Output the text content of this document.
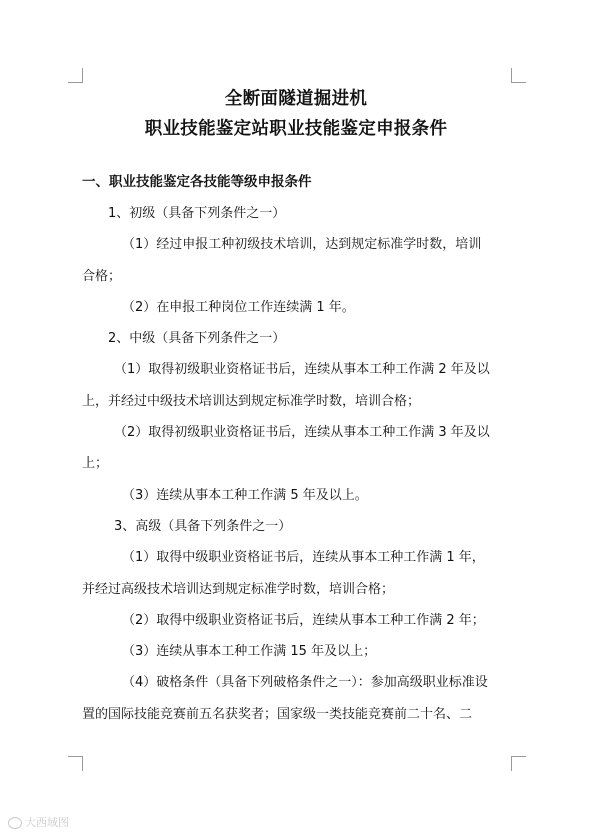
全断面隧道掘进机

职业技能鉴定站职业技能鉴定申报条件

一、职业技能鉴定各技能等级申报条件

1、初级（具备下列条件之一）

（1）经过申报工种初级技术培训，达到规定标准学时数，培训

合格；

（2）在申报工种岗位工作连续满 1 年。

2、中级（具备下列条件之一）

（1）取得初级职业资格证书后，连续从事本工种工作满 2 年及以

上，并经过中级技术培训达到规定标准学时数，培训合格；

（2）取得初级职业资格证书后，连续从事本工种工作满 3 年及以

上；

（3）连续从事本工种工作满 5 年及以上。

3、高级（具备下列条件之一）

（1）取得中级职业资格证书后，连续从事本工种工作满 1 年，

并经过高级技术培训达到规定标准学时数，培训合格；

（2）取得中级职业资格证书后，连续从事本工种工作满 2 年；

（3）连续从事本工种工作满 15 年及以上；

（4）破格条件（具备下列破格条件之一）：参加高级职业标准设

置的国际技能竞赛前五名获奖者；国家级一类技能竞赛前二十名、二

大西域图
